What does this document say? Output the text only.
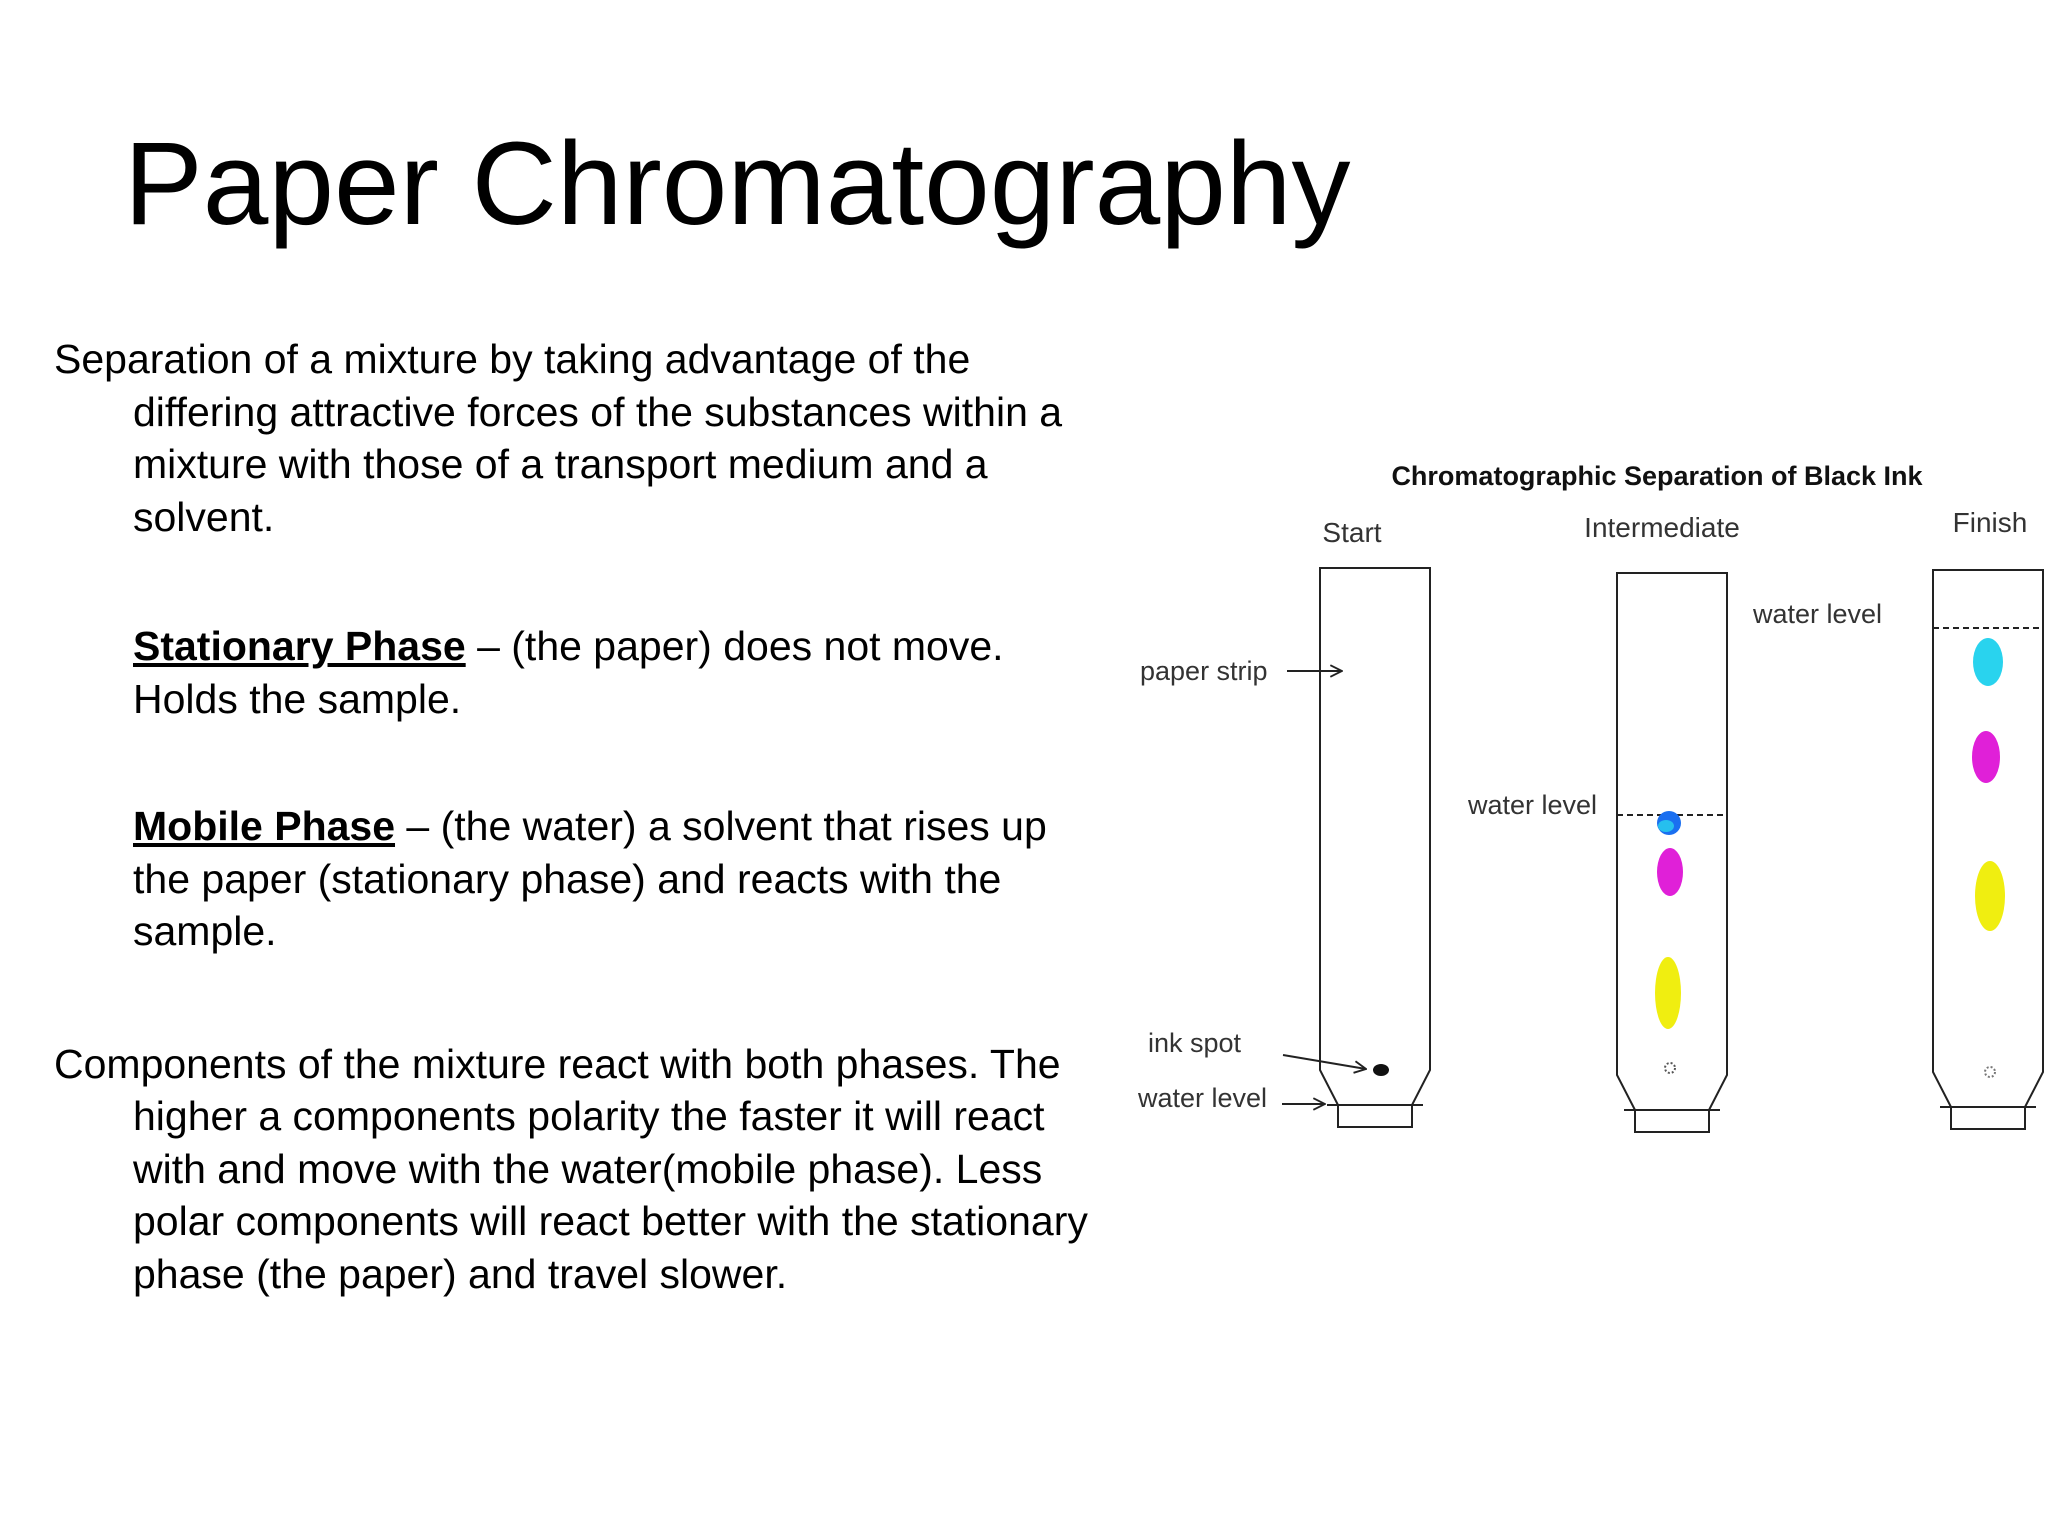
Paper Chromatography

Separation of a mixture by taking advantage of the differing attractive forces of the substances within a mixture with those of a transport medium and a solvent.

Stationary Phase – (the paper) does not move. Holds the sample.

Mobile Phase – (the water) a solvent that rises up the paper (stationary phase) and reacts with the sample.

Components of the mixture react with both phases. The higher a components polarity the faster it will react with and move with the water(mobile phase). Less polar components will react better with the stationary phase (the paper) and travel slower.

Chromatographic Separation of Black Ink
Start	Intermediate	Finish
paper strip
ink spot
water level
water level
water level
